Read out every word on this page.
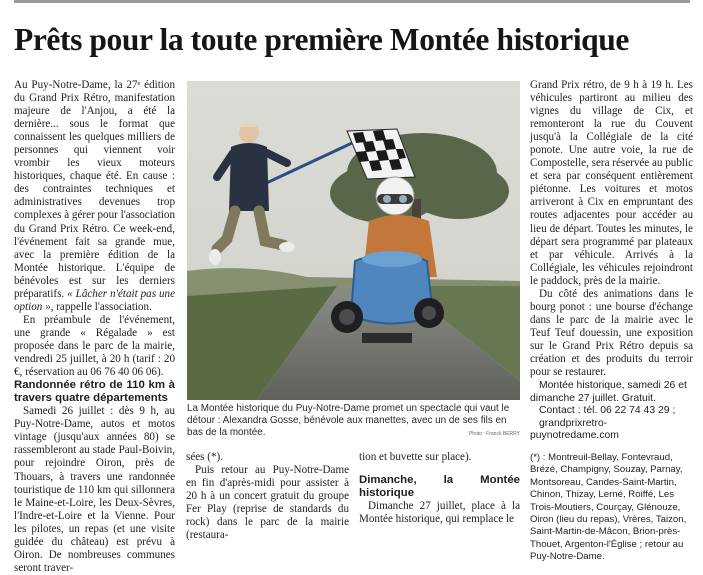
Prêts pour la toute première Montée historique

Au Puy-Notre-Dame, la 27ᵉ édition du Grand Prix Rétro, manifestation majeure de l'Anjou, a été la dernière... sous le format que connaissent les quelques milliers de personnes qui viennent voir vrombir les vieux moteurs historiques, chaque été. En cause : des contraintes techniques et administratives devenues trop complexes à gérer pour l'association du Grand Prix Rétro. Ce week-end, l'événement fait sa grande mue, avec la première édition de la Montée historique. L'équipe de bénévoles est sur les derniers préparatifs. « Lâcher n'était pas une option », rappelle l'association.

En préambule de l'événement, une grande « Régalade » est proposée dans le parc de la mairie, vendredi 25 juillet, à 20 h (tarif : 20 €, réservation au 06 76 40 06 06).

Randonnée rétro de 110 km à travers quatre départements

Samedi 26 juillet : dès 9 h, au Puy-Notre-Dame, autos et motos vintage (jusqu'aux années 80) se rassembleront au stade Paul-Boivin, pour rejoindre Oiron, près de Thouars, à travers une randonnée touristique de 110 km qui sillonnera le Maine-et-Loire, les Deux-Sèvres, l'Indre-et-Loire et la Vienne. Pour les pilotes, un repas (et une visite guidée du château) est prévu à Oiron. De nombreuses communes seront traver-

La Montée historique du Puy-Notre-Dame promet un spectacle qui vaut le détour : Alexandra Gosse, bénévole aux manettes, avec un de ses fils en bas de la montée.	Photo : Franck BERRY

sées (*).

Puis retour au Puy-Notre-Dame en fin d'après-midi pour assister à 20 h à un concert gratuit du groupe Fer Play (reprise de standards du rock) dans le parc de la mairie (restaura-

tion et buvette sur place).

Dimanche, la Montée historique

Dimanche 27 juillet, place à la Montée historique, qui remplace le

Grand Prix rétro, de 9 h à 19 h. Les véhicules partiront au milieu des vignes du village de Cix, et remonteront la rue du Couvent jusqu'à la Collégiale de la cité ponote. Une autre voie, la rue de Compostelle, sera réservée au public et sera par conséquent entièrement piétonne. Les voitures et motos arriveront à Cix en empruntant des routes adjacentes pour accéder au lieu de départ. Toutes les minutes, le départ sera programmé par plateaux et par véhicule. Arrivés à la Collégiale, les véhicules rejoindront le paddock, près de la mairie.

Du côté des animations dans le bourg ponot : une bourse d'échange dans le parc de la mairie avec le Teuf Teuf douessin, une exposition sur le Grand Prix Rétro depuis sa création et des produits du terroir pour se restaurer.

Montée historique, samedi 26 et dimanche 27 juillet. Gratuit.
Contact : tél. 06 22 74 43 29 ;
grandprixretro-puynotredame.com
(*) : Montreuil-Bellay, Fontevraud, Brézé, Champigny, Souzay, Parnay, Montsoreau, Candes-Saint-Martin, Chinon, Thizay, Lerné, Roiffé, Les Trois-Moutiers, Courçay, Glénouze, Oiron (lieu du repas), Vrères, Taizon, Saint-Martin-de-Mâcon, Brion-près-Thouet, Argenton-l'Église ; retour au Puy-Notre-Dame.
